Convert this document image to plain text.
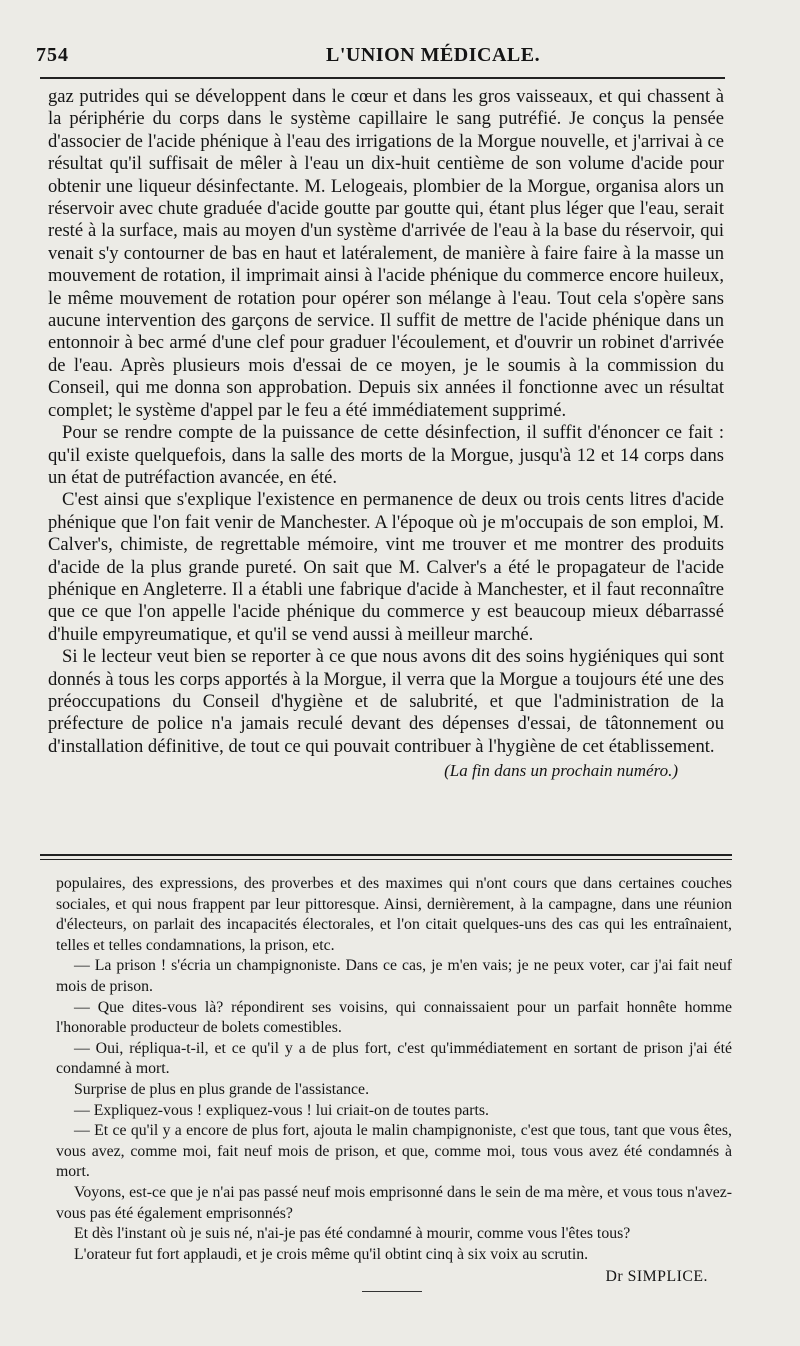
754	L'UNION MÉDICALE.

gaz putrides qui se développent dans le cœur et dans les gros vaisseaux, et qui chassent à la périphérie du corps dans le système capillaire le sang putréfié. Je conçus la pensée d'associer de l'acide phénique à l'eau des irrigations de la Morgue nouvelle, et j'arrivai à ce résultat qu'il suffisait de mêler à l'eau un dix-huit centième de son volume d'acide pour obtenir une liqueur désinfectante. M. Lelogeais, plombier de la Morgue, organisa alors un réservoir avec chute graduée d'acide goutte par goutte qui, étant plus léger que l'eau, serait resté à la surface, mais au moyen d'un système d'arrivée de l'eau à la base du réservoir, qui venait s'y contourner de bas en haut et latéralement, de manière à faire faire à la masse un mouvement de rotation, il imprimait ainsi à l'acide phénique du commerce encore huileux, le même mouvement de rotation pour opérer son mélange à l'eau. Tout cela s'opère sans aucune intervention des garçons de service. Il suffit de mettre de l'acide phénique dans un entonnoir à bec armé d'une clef pour graduer l'écoulement, et d'ouvrir un robinet d'arrivée de l'eau. Après plusieurs mois d'essai de ce moyen, je le soumis à la commission du Conseil, qui me donna son approbation. Depuis six années il fonctionne avec un résultat complet; le système d'appel par le feu a été immédiatement supprimé.

Pour se rendre compte de la puissance de cette désinfection, il suffit d'énoncer ce fait : qu'il existe quelquefois, dans la salle des morts de la Morgue, jusqu'à 12 et 14 corps dans un état de putréfaction avancée, en été.

C'est ainsi que s'explique l'existence en permanence de deux ou trois cents litres d'acide phénique que l'on fait venir de Manchester. A l'époque où je m'occupais de son emploi, M. Calver's, chimiste, de regrettable mémoire, vint me trouver et me montrer des produits d'acide de la plus grande pureté. On sait que M. Calver's a été le propagateur de l'acide phénique en Angleterre. Il a établi une fabrique d'acide à Manchester, et il faut reconnaître que ce que l'on appelle l'acide phénique du commerce y est beaucoup mieux débarrassé d'huile empyreumatique, et qu'il se vend aussi à meilleur marché.

Si le lecteur veut bien se reporter à ce que nous avons dit des soins hygiéniques qui sont donnés à tous les corps apportés à la Morgue, il verra que la Morgue a toujours été une des préoccupations du Conseil d'hygiène et de salubrité, et que l'administration de la préfecture de police n'a jamais reculé devant des dépenses d'essai, de tâtonnement ou d'installation définitive, de tout ce qui pouvait contribuer à l'hygiène de cet établissement.

(La fin dans un prochain numéro.)

populaires, des expressions, des proverbes et des maximes qui n'ont cours que dans certaines couches sociales, et qui nous frappent par leur pittoresque. Ainsi, dernièrement, à la campagne, dans une réunion d'électeurs, on parlait des incapacités électorales, et l'on citait quelques-uns des cas qui les entraînaient, telles et telles condamnations, la prison, etc.

— La prison ! s'écria un champignoniste. Dans ce cas, je m'en vais; je ne peux voter, car j'ai fait neuf mois de prison.

— Que dites-vous là? répondirent ses voisins, qui connaissaient pour un parfait honnête homme l'honorable producteur de bolets comestibles.

— Oui, répliqua-t-il, et ce qu'il y a de plus fort, c'est qu'immédiatement en sortant de prison j'ai été condamné à mort.

Surprise de plus en plus grande de l'assistance.

— Expliquez-vous ! expliquez-vous ! lui criait-on de toutes parts.

— Et ce qu'il y a encore de plus fort, ajouta le malin champignoniste, c'est que tous, tant que vous êtes, vous avez, comme moi, fait neuf mois de prison, et que, comme moi, tous vous avez été condamnés à mort.

Voyons, est-ce que je n'ai pas passé neuf mois emprisonné dans le sein de ma mère, et vous tous n'avez-vous pas été également emprisonnés?

Et dès l'instant où je suis né, n'ai-je pas été condamné à mourir, comme vous l'êtes tous?

L'orateur fut fort applaudi, et je crois même qu'il obtint cinq à six voix au scrutin.

Dr SIMPLICE.
